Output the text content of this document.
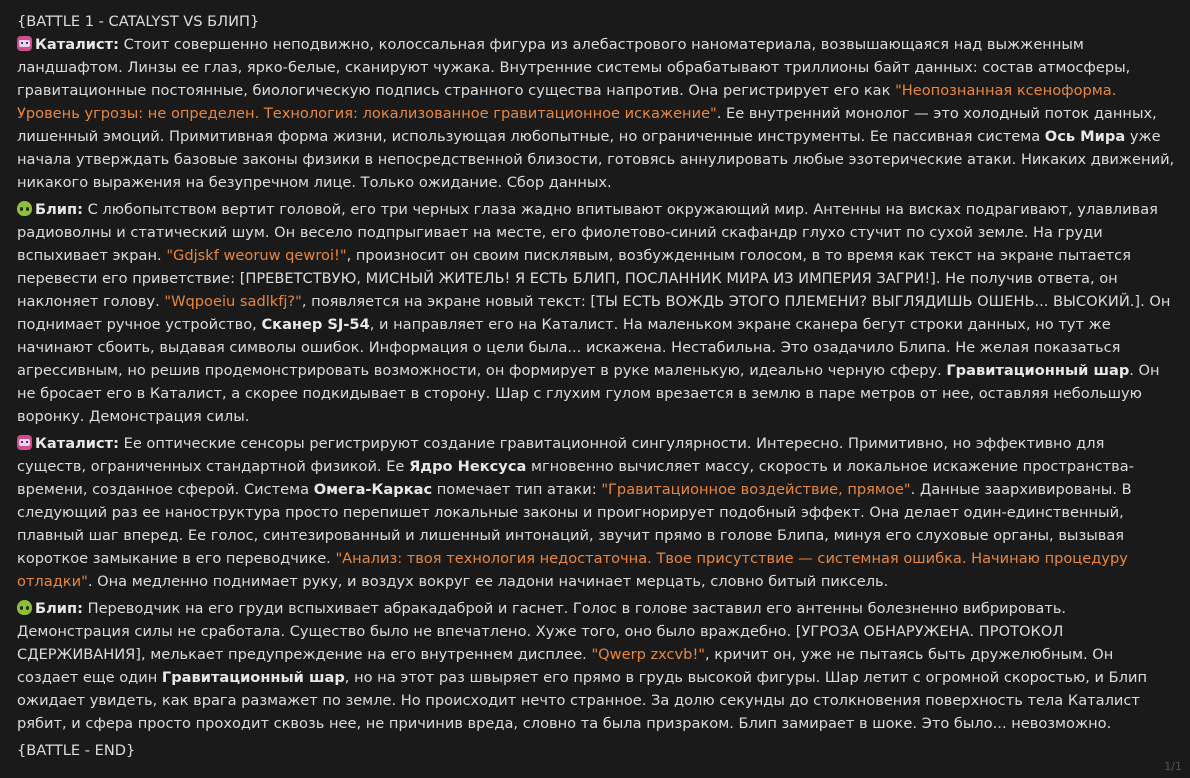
{BATTLE 1 - CATALYST VS БЛИП}

Каталист: Стоит совершенно неподвижно, колоссальная фигура из алебастрового наноматериала, возвышающаяся над выжженным ландшафтом. Линзы ее глаз, ярко-белые, сканируют чужака. Внутренние системы обрабатывают триллионы байт данных: состав атмосферы, гравитационные постоянные, биологическую подпись странного существа напротив. Она регистрирует его как "Неопознанная ксеноформа. Уровень угрозы: не определен. Технология: локализованное гравитационное искажение". Ее внутренний монолог — это холодный поток данных, лишенный эмоций. Примитивная форма жизни, использующая любопытные, но ограниченные инструменты. Ее пассивная система Ось Мира уже начала утверждать базовые законы физики в непосредственной близости, готовясь аннулировать любые эзотерические атаки. Никаких движений, никакого выражения на безупречном лице. Только ожидание. Сбор данных.

Блип: С любопытством вертит головой, его три черных глаза жадно впитывают окружающий мир. Антенны на висках подрагивают, улавливая радиоволны и статический шум. Он весело подпрыгивает на месте, его фиолетово-синий скафандр глухо стучит по сухой земле. На груди вспыхивает экран. "Gdjskf weoruw qewroi!", произносит он своим писклявым, возбужденным голосом, в то время как текст на экране пытается перевести его приветствие: [ПРЕВЕТСТВУЮ, МИСНЫЙ ЖИТЕЛЬ! Я ЕСТЬ БЛИП, ПОСЛАННИК МИРА ИЗ ИМПЕРИЯ ЗАГРИ!]. Не получив ответа, он наклоняет голову. "Wqpoeiu sadlkfj?", появляется на экране новый текст: [ТЫ ЕСТЬ ВОЖДЬ ЭТОГО ПЛЕМЕНИ? ВЫГЛЯДИШЬ ОШЕНЬ... ВЫСОКИЙ.]. Он поднимает ручное устройство, Сканер SJ-54, и направляет его на Каталист. На маленьком экране сканера бегут строки данных, но тут же начинают сбоить, выдавая символы ошибок. Информация о цели была... искажена. Нестабильна. Это озадачило Блипа. Не желая показаться агрессивным, но решив продемонстрировать возможности, он формирует в руке маленькую, идеально черную сферу. Гравитационный шар. Он не бросает его в Каталист, а скорее подкидывает в сторону. Шар с глухим гулом врезается в землю в паре метров от нее, оставляя небольшую воронку. Демонстрация силы.

Каталист: Ее оптические сенсоры регистрируют создание гравитационной сингулярности. Интересно. Примитивно, но эффективно для существ, ограниченных стандартной физикой. Ее Ядро Нексуса мгновенно вычисляет массу, скорость и локальное искажение пространства-времени, созданное сферой. Система Омега-Каркас помечает тип атаки: "Гравитационное воздействие, прямое". Данные заархивированы. В следующий раз ее наноструктура просто перепишет локальные законы и проигнорирует подобный эффект. Она делает один-единственный, плавный шаг вперед. Ее голос, синтезированный и лишенный интонаций, звучит прямо в голове Блипа, минуя его слуховые органы, вызывая короткое замыкание в его переводчике. "Анализ: твоя технология недостаточна. Твое присутствие — системная ошибка. Начинаю процедуру отладки". Она медленно поднимает руку, и воздух вокруг ее ладони начинает мерцать, словно битый пиксель.

Блип: Переводчик на его груди вспыхивает абракадаброй и гаснет. Голос в голове заставил его антенны болезненно вибрировать. Демонстрация силы не сработала. Существо было не впечатлено. Хуже того, оно было враждебно. [УГРОЗА ОБНАРУЖЕНА. ПРОТОКОЛ СДЕРЖИВАНИЯ], мелькает предупреждение на его внутреннем дисплее. "Qwerp zxcvb!", кричит он, уже не пытаясь быть дружелюбным. Он создает еще один Гравитационный шар, но на этот раз швыряет его прямо в грудь высокой фигуры. Шар летит с огромной скоростью, и Блип ожидает увидеть, как врага размажет по земле. Но происходит нечто странное. За долю секунды до столкновения поверхность тела Каталист рябит, и сфера просто проходит сквозь нее, не причинив вреда, словно та была призраком. Блип замирает в шоке. Это было... невозможно.

{BATTLE - END}

1/1
